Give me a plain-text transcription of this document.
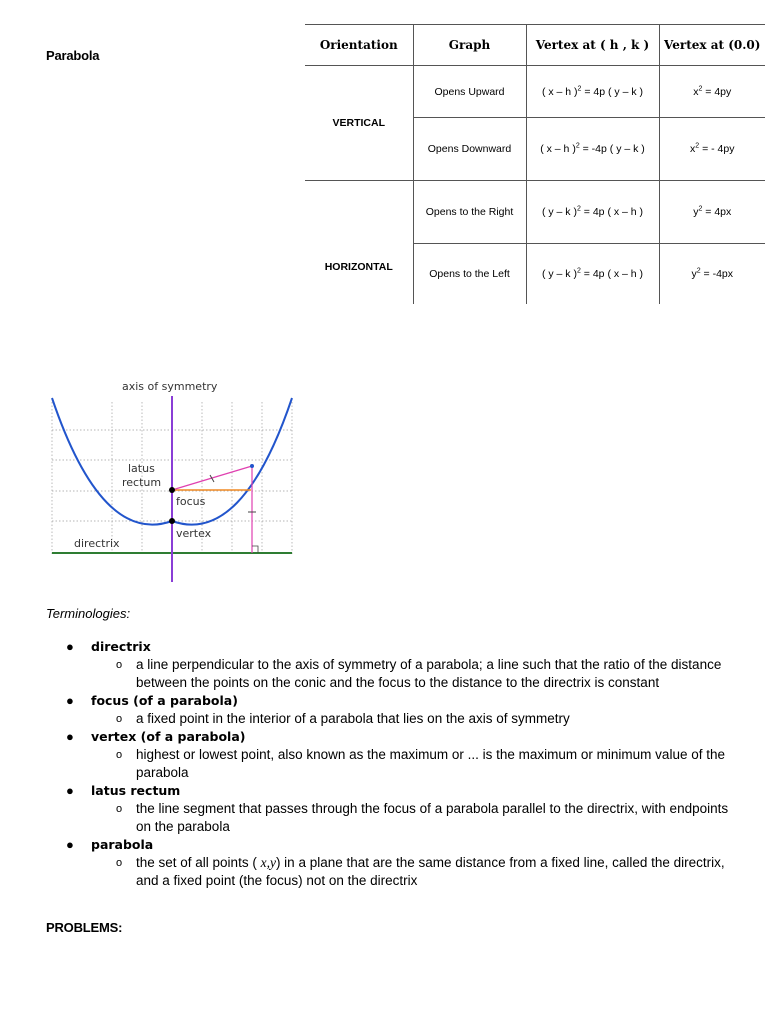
Parabola
Orientation	Graph	Vertex at ( h , k )	Vertex at (0.0)
VERTICAL	Opens Upward	( x – h )$^2$ = 4p ( y – k )	$x^2 = 4py$
	Opens Downward	( x – h )$^2$ = -4p ( y – k )	$x^2$ = - 4py
HORIZONTAL	Opens to the Right	( y – k )$^2$ = 4p ( x – h )	$y^2 = 4px$
	Opens to the Left	( y – k )$^2$ = 4p ( x – h )	$y^2 = -4px$
axis of symmetry
latus
rectum
focus
vertex
directrix
Terminologies:
● directrix
o a line perpendicular to the axis of symmetry of a parabola; a line such that the ratio of the distance between the points on the conic and the focus to the distance to the directrix is constant
● focus (of a parabola)
o a fixed point in the interior of a parabola that lies on the axis of symmetry
● vertex (of a parabola)
o highest or lowest point, also known as the maximum or ... is the maximum or minimum value of the parabola
● latus rectum
o the line segment that passes through the focus of a parabola parallel to the directrix, with endpoints on the parabola
● parabola
o the set of all points ( x,y) in a plane that are the same distance from a fixed line, called the directrix, and a fixed point (the focus) not on the directrix
PROBLEMS:
